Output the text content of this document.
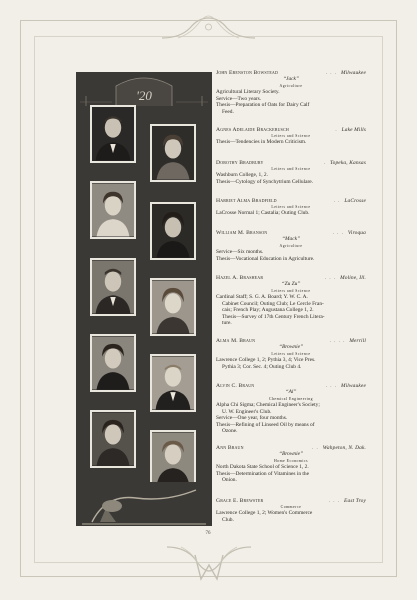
'20
John Ebenston Bowstead	. . . Milwaukee
“Jack”
Agriculture
Agricultural Literary Society.
Service—Two years.
Thesis—Preparation of Oats for Dairy Calf
Feed.
Agnes Adelaide Brackebusch	. Lake Mills
Letters and Science
Thesis—Tendencies in Modern Criticism.
Dorothy Bradbury	. Topeka, Kansas
Letters and Science
Washburn College, 1, 2.
Thesis—Cytology of Synchytrium Cellulare.
Harriet Alma Bradfield	. . LaCrosse
Letters and Science
LaCrosse Normal 1; Castalia; Outing Club.
William M. Branson	. . . Viroqua
“Mack”
Agriculture
Service—Six months.
Thesis—Vocational Education in Agriculture.
Hazel A. Brashear	. . . Moline, Ill.
“Zu Zu”
Letters and Science
Cardinal Staff; S. G. A. Board; Y. W. C. A.
Cabinet Council; Outing Club; Le Cercle Fran-
cais; French Play; Augustana College 1, 2.
Thesis—Survey of 17th Century French Litera-
ture.
Alma M. Braun	. . . . Merrill
“Brownie”
Letters and Science
Lawrence College 1, 2; Pythia 3, 4; Vice Pres.
Pythia 3; Cor. Sec. 4; Outing Club 4.
Alvin C. Braun	. . . Milwaukee
“Al”
Chemical Engineering
Alpha Chi Sigma; Chemical Engineer's Society;
U. W. Engineer's Club.
Service—One year, four months.
Thesis—Refining of Linseed Oil by means of
Ozone.
Ann Braun	. . Wahpeton, N. Dak.
“Brownie”
Home Economics
North Dakota State School of Science 1, 2.
Thesis—Determination of Vitamines in the
Onion.
Grace E. Brewster	. . . East Troy
Commerce
Lawrence College 1, 2; Women's Commerce
Club.
76
